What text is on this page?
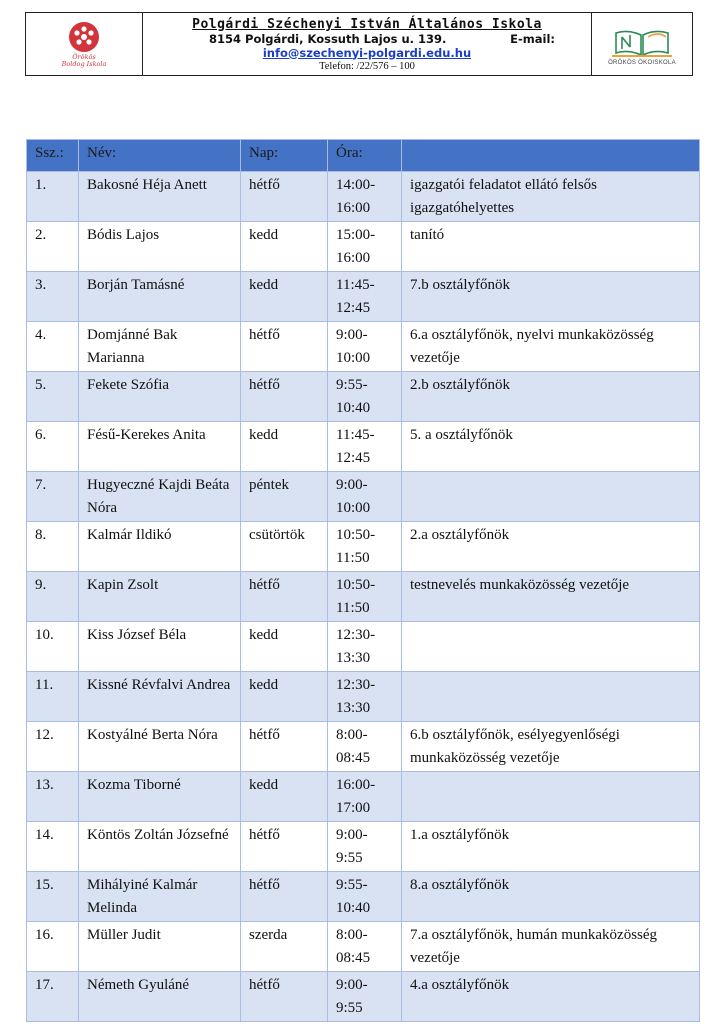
Örökös
Boldog Iskola
Polgárdi Széchenyi István Általános Iskola
8154 Polgárdi, Kossuth Lajos u. 139.	E-mail:
info@szechenyi-polgardi.edu.hu
Telefon: /22/576 – 100	ÖRÖKÖS ÖKOISKOLA
Ssz.:	Név:	Nap:	Óra:	
1.	Bakosné Héja Anett	hétfő	14:00-16:00	igazgatói feladatot ellátó felsős igazgatóhelyettes
2.	Bódis Lajos	kedd	15:00-16:00	tanító
3.	Borján Tamásné	kedd	11:45-12:45	7.b osztályfőnök
4.	Domjánné Bak Marianna	hétfő	9:00-10:00	6.a osztályfőnök, nyelvi munkaközösség vezetője
5.	Fekete Szófia	hétfő	9:55-10:40	2.b osztályfőnök
6.	Fésű-Kerekes Anita	kedd	11:45-12:45	5. a osztályfőnök
7.	Hugyeczné Kajdi Beáta Nóra	péntek	9:00-10:00	
8.	Kalmár Ildikó	csütörtök	10:50-11:50	2.a osztályfőnök
9.	Kapin Zsolt	hétfő	10:50-11:50	testnevelés munkaközösség vezetője
10.	Kiss József Béla	kedd	12:30-13:30	
11.	Kissné Révfalvi Andrea	kedd	12:30-13:30	
12.	Kostyálné Berta Nóra	hétfő	8:00-08:45	6.b osztályfőnök, esélyegyenlőségi munkaközösség vezetője
13.	Kozma Tiborné	kedd	16:00-17:00	
14.	Köntös Zoltán Józsefné	hétfő	9:00-9:55	1.a osztályfőnök
15.	Mihályiné Kalmár Melinda	hétfő	9:55-10:40	8.a osztályfőnök
16.	Müller Judit	szerda	8:00-08:45	7.a osztályfőnök, humán munkaközösség vezetője
17.	Németh Gyuláné	hétfő	9:00-9:55	4.a osztályfőnök
